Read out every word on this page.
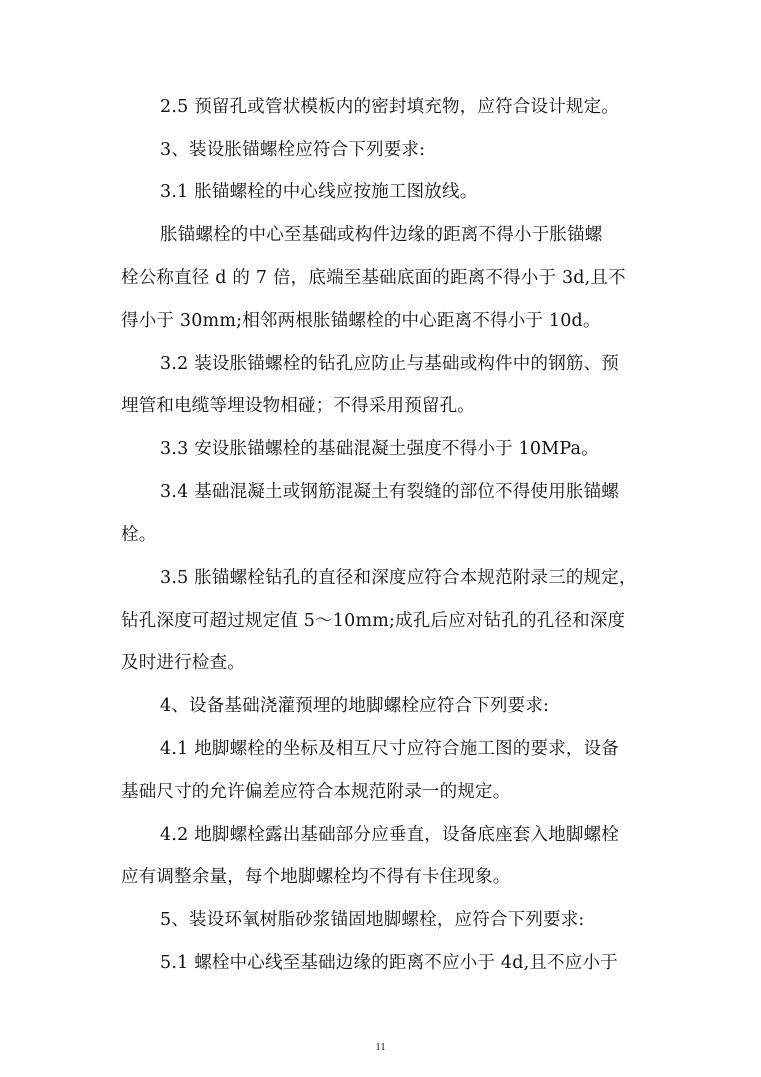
2.5 预留孔或管状模板内的密封填充物，应符合设计规定。
3、装设胀锚螺栓应符合下列要求:
3.1 胀锚螺栓的中心线应按施工图放线。
胀锚螺栓的中心至基础或构件边缘的距离不得小于胀锚螺
栓公称直径 d 的 7 倍，底端至基础底面的距离不得小于 3d,且不
得小于 30mm;相邻两根胀锚螺栓的中心距离不得小于 10d。
3.2 装设胀锚螺栓的钻孔应防止与基础或构件中的钢筋、预
埋管和电缆等埋设物相碰；不得采用预留孔。
3.3 安设胀锚螺栓的基础混凝土强度不得小于 10MPa。
3.4 基础混凝土或钢筋混凝土有裂缝的部位不得使用胀锚螺
栓。
3.5 胀锚螺栓钻孔的直径和深度应符合本规范附录三的规定，
钻孔深度可超过规定值 5～10mm;成孔后应对钻孔的孔径和深度
及时进行检查。
4、设备基础浇灌预埋的地脚螺栓应符合下列要求:
4.1 地脚螺栓的坐标及相互尺寸应符合施工图的要求，设备
基础尺寸的允许偏差应符合本规范附录一的规定。
4.2 地脚螺栓露出基础部分应垂直，设备底座套入地脚螺栓
应有调整余量，每个地脚螺栓均不得有卡住现象。
5、装设环氧树脂砂浆锚固地脚螺栓，应符合下列要求:
5.1 螺栓中心线至基础边缘的距离不应小于 4d,且不应小于
11
